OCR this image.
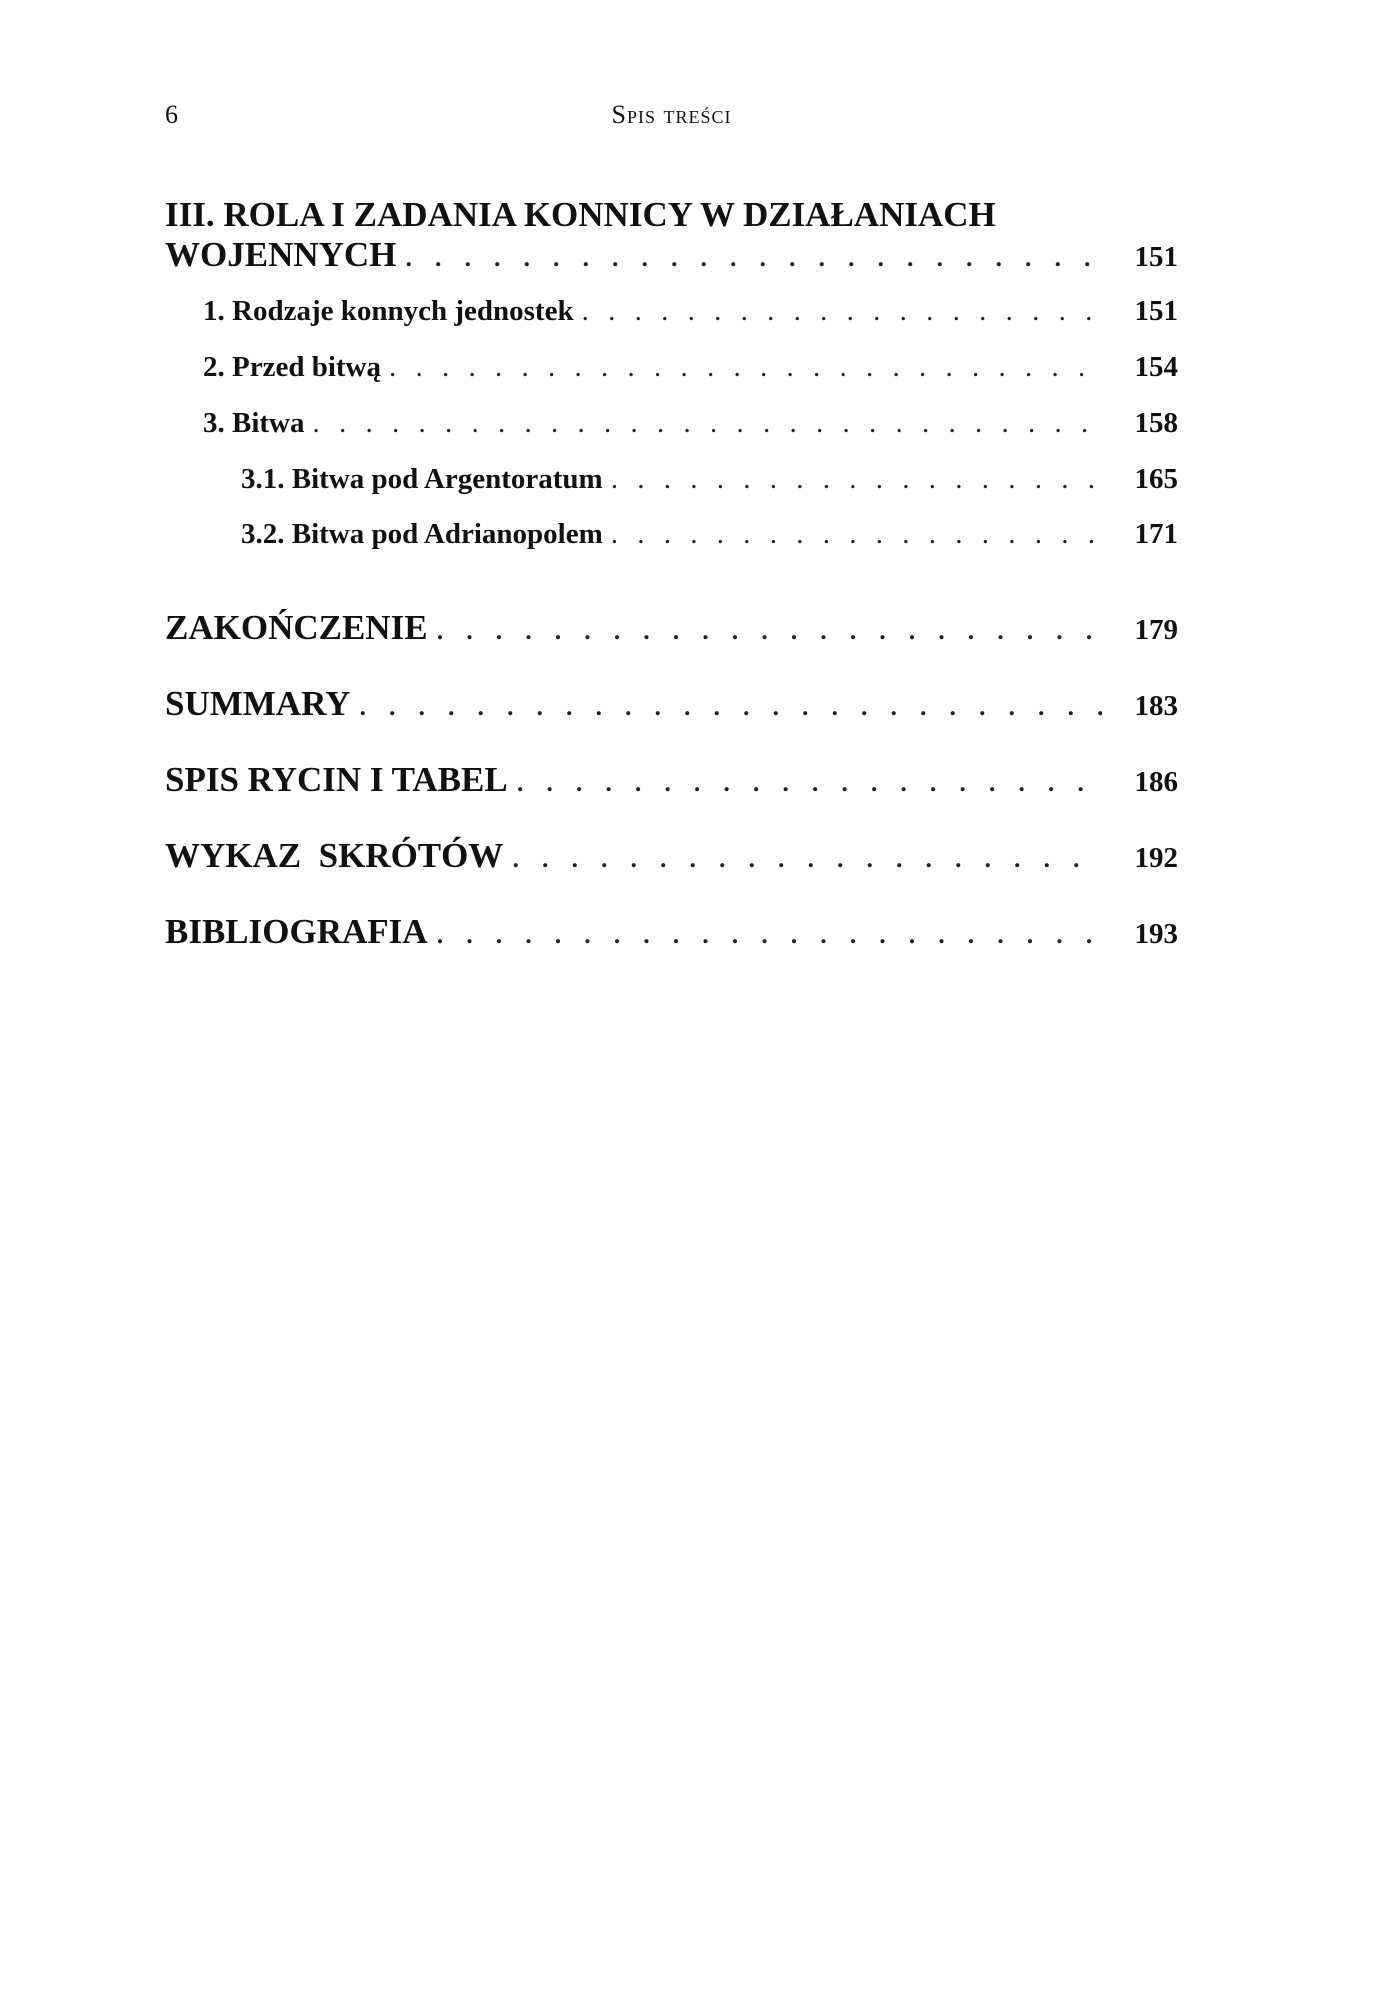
6	Spis treści
III. ROLA I ZADANIA KONNICY W DZIAŁANIACH
WOJENNYCH . . .	151
1. Rodzaje konnych jednostek . . .	151
2. Przed bitwą . . .	154
3. Bitwa . . .	158
3.1. Bitwa pod Argentoratum . . .	165
3.2. Bitwa pod Adrianopolem . . .	171
ZAKOŃCZENIE . . .	179
SUMMARY . . .	183
SPIS RYCIN I TABEL . . .	186
WYKAZ  SKRÓTÓW . . .	192
BIBLIOGRAFIA . . .	193
